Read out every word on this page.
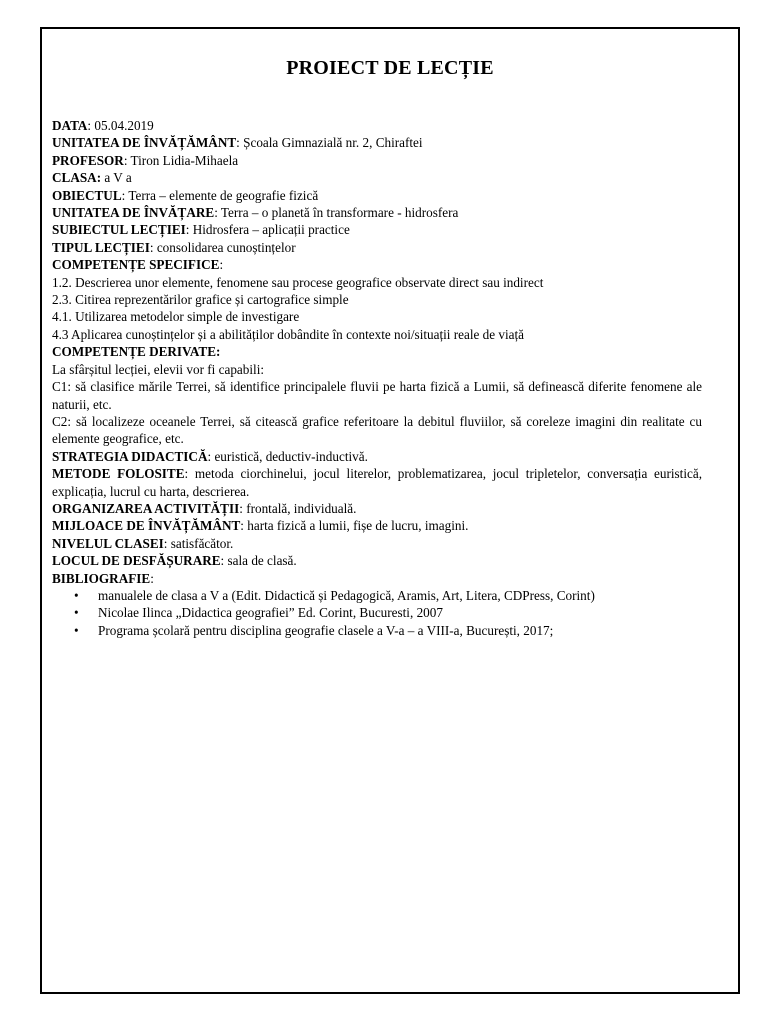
PROIECT DE LECȚIE

DATA: 05.04.2019

UNITATEA DE ÎNVĂȚĂMÂNT: Școala Gimnazială nr. 2, Chiraftei

PROFESOR: Tiron Lidia-Mihaela

CLASA: a V a

OBIECTUL: Terra – elemente de geografie fizică

UNITATEA DE ÎNVĂȚARE: Terra – o planetă în transformare - hidrosfera

SUBIECTUL LECȚIEI: Hidrosfera – aplicații practice

TIPUL LECȚIEI: consolidarea cunoștințelor

COMPETENȚE SPECIFICE:

1.2. Descrierea unor elemente, fenomene sau procese geografice observate direct sau indirect

2.3. Citirea reprezentărilor grafice și cartografice simple

4.1. Utilizarea metodelor simple de investigare

4.3 Aplicarea cunoștințelor și a abilităților dobândite în contexte noi/situații reale de viață

COMPETENȚE DERIVATE:

La sfârșitul lecției, elevii vor fi capabili:

C1: să clasifice mările Terrei, să identifice principalele fluvii pe harta fizică a Lumii, să definească diferite fenomene ale naturii, etc.

C2: să localizeze oceanele Terrei, să citească grafice referitoare la debitul fluviilor, să coreleze imagini din realitate cu elemente geografice, etc.

STRATEGIA DIDACTICĂ: euristică, deductiv-inductivă.

METODE FOLOSITE: metoda ciorchinelui, jocul literelor, problematizarea, jocul tripletelor, conversația euristică, explicația, lucrul cu harta, descrierea.

ORGANIZAREA ACTIVITĂȚII: frontală, individuală.

MIJLOACE DE ÎNVĂȚĂMÂNT: harta fizică a lumii, fișe de lucru, imagini.

NIVELUL CLASEI: satisfăcător.

LOCUL DE DESFĂȘURARE: sala de clasă.

BIBLIOGRAFIE:

• manualele de clasa a V a (Edit. Didactică și Pedagogică, Aramis, Art, Litera, CDPress, Corint)
• Nicolae Ilinca „Didactica geografiei” Ed. Corint, Bucuresti, 2007
• Programa școlară pentru disciplina geografie clasele a V-a – a VIII-a, București, 2017;
